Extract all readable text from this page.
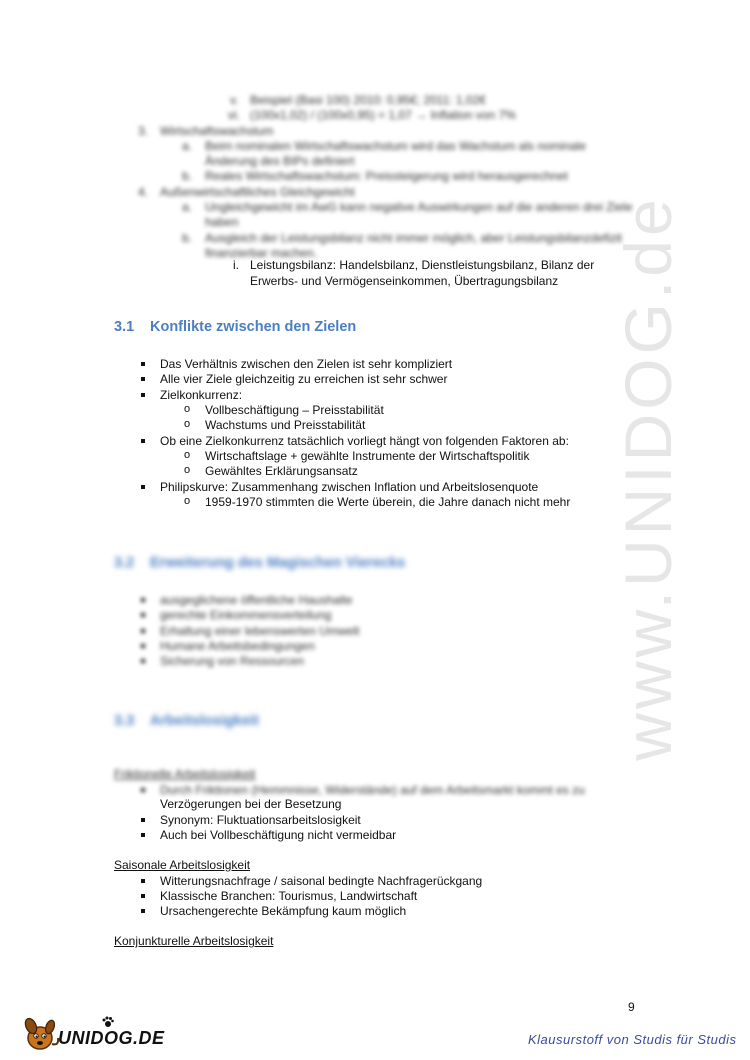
www.UNIDOG.de
v. Beispiel (Basi 100) 2010: 0,95€; 2011: 1,02€
vi. (100x1,02) / (100x0,95) = 1,07 → Inflation von 7%
3. Wirtschaftswachstum
a. Beim nominalen Wirtschaftswachstum wird das Wachstum als nominale
Änderung des BIPs definiert
b. Reales Wirtschaftswachstum: Preissteigerung wird herausgerechnet
4. Außenwirtschaftliches Gleichgewicht
a. Ungleichgewicht im AwG kann negative Auswirkungen auf die anderen drei Ziele
haben
b. Ausgleich der Leistungsbilanz nicht immer möglich, aber Leistungsbilanzdefizit
finanzierbar machen.
i. Leistungsbilanz: Handelsbilanz, Dienstleistungsbilanz, Bilanz der
Erwerbs- und Vermögenseinkommen, Übertragungsbilanz
3.1 Konflikte zwischen den Zielen
Das Verhältnis zwischen den Zielen ist sehr kompliziert
Alle vier Ziele gleichzeitig zu erreichen ist sehr schwer
Zielkonkurrenz:
o Vollbeschäftigung – Preisstabilität
o Wachstums und Preisstabilität
Ob eine Zielkonkurrenz tatsächlich vorliegt hängt von folgenden Faktoren ab:
o Wirtschaftslage + gewählte Instrumente der Wirtschaftspolitik
o Gewähltes Erklärungsansatz
Philipskurve: Zusammenhang zwischen Inflation und Arbeitslosenquote
o 1959-1970 stimmten die Werte überein, die Jahre danach nicht mehr
3.2 Erweiterung des Magischen Vierecks
ausgeglichene öffentliche Haushalte
gerechte Einkommensverteilung
Erhaltung einer lebenswerten Umwelt
Humane Arbeitsbedingungen
Sicherung von Ressourcen
3.3 Arbeitslosigkeit
Friktionelle Arbeitslosigkeit
Durch Friktionen (Hemmnisse, Widerstände) auf dem Arbeitsmarkt kommt es zu
Verzögerungen bei der Besetzung
Synonym: Fluktuationsarbeitslosigkeit
Auch bei Vollbeschäftigung nicht vermeidbar
Saisonale Arbeitslosigkeit
Witterungsnachfrage / saisonal bedingte Nachfragerückgang
Klassische Branchen: Tourismus, Landwirtschaft
Ursachengerechte Bekämpfung kaum möglich
Konjunkturelle Arbeitslosigkeit
9
UNIDOG.DE	Klausurstoff von Studis für Studis
